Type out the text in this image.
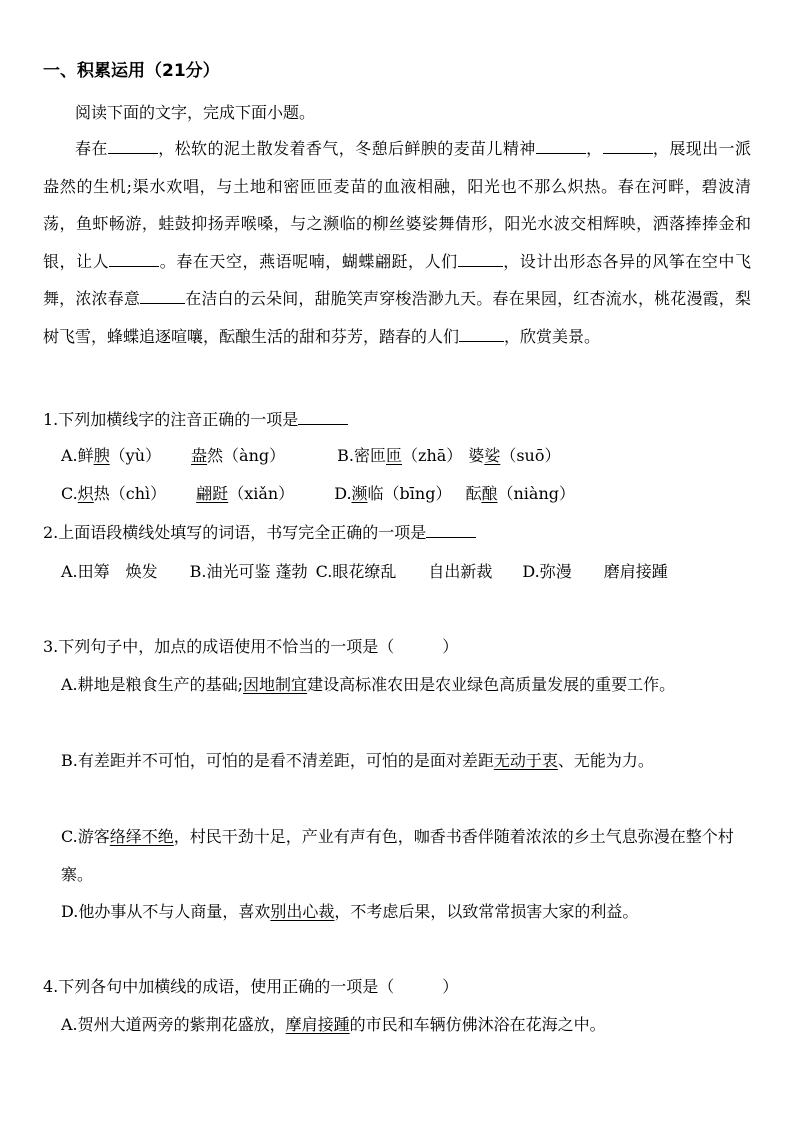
一、积累运用（21分）
阅读下面的文字，完成下面小题。
春在	，松软的泥土散发着香气，冬憩后鲜腴的麦苗儿精神	，	，展现出一派盎然的生机;渠水欢唱，与土地和密匝匝麦苗的血液相融，阳光也不那么炽热。春在河畔，碧波清荡，鱼虾畅游，蛙鼓抑扬弄喉嗓，与之濒临的柳丝婆娑舞倩形，阳光水波交相辉映，洒落捧捧金和银，让人	。春在天空，燕语呢喃，蝴蝶翩跹，人们	，设计出形态各异的风筝在空中飞舞，浓浓春意	在洁白的云朵间，甜脆笑声穿梭浩渺九天。春在果园，红杏流水，桃花漫霞，梨树飞雪，蜂蝶追逐喧嚷，酝酿生活的甜和芬芳，踏春的人们	，欣赏美景。
1.下列加横线字的注音正确的一项是
A.鲜腴（yù） 盎然（àng）	B.密匝匝（zhā） 婆娑（suō）
C.炽热（chì） 翩跹（xiǎn）	D.濒临（bīng） 酝酿（niàng）
2.上面语段横线处填写的词语，书写完全正确的一项是
A.田筹　焕发 B.油光可鉴 蓬勃 C.眼花缭乱　　自出新裁 D.弥漫　　磨肩接踵
3.下列句子中，加点的成语使用不恰当的一项是（	）
A.耕地是粮食生产的基础;因地制宜建设高标准农田是农业绿色高质量发展的重要工作。
B.有差距并不可怕，可怕的是看不清差距，可怕的是面对差距无动于衷、无能为力。
C.游客络绎不绝，村民干劲十足，产业有声有色，咖香书香伴随着浓浓的乡土气息弥漫在整个村寨。
D.他办事从不与人商量，喜欢别出心裁，不考虑后果，以致常常损害大家的利益。
4.下列各句中加横线的成语，使用正确的一项是（	）
A.贺州大道两旁的紫荆花盛放，摩肩接踵的市民和车辆仿佛沐浴在花海之中。
